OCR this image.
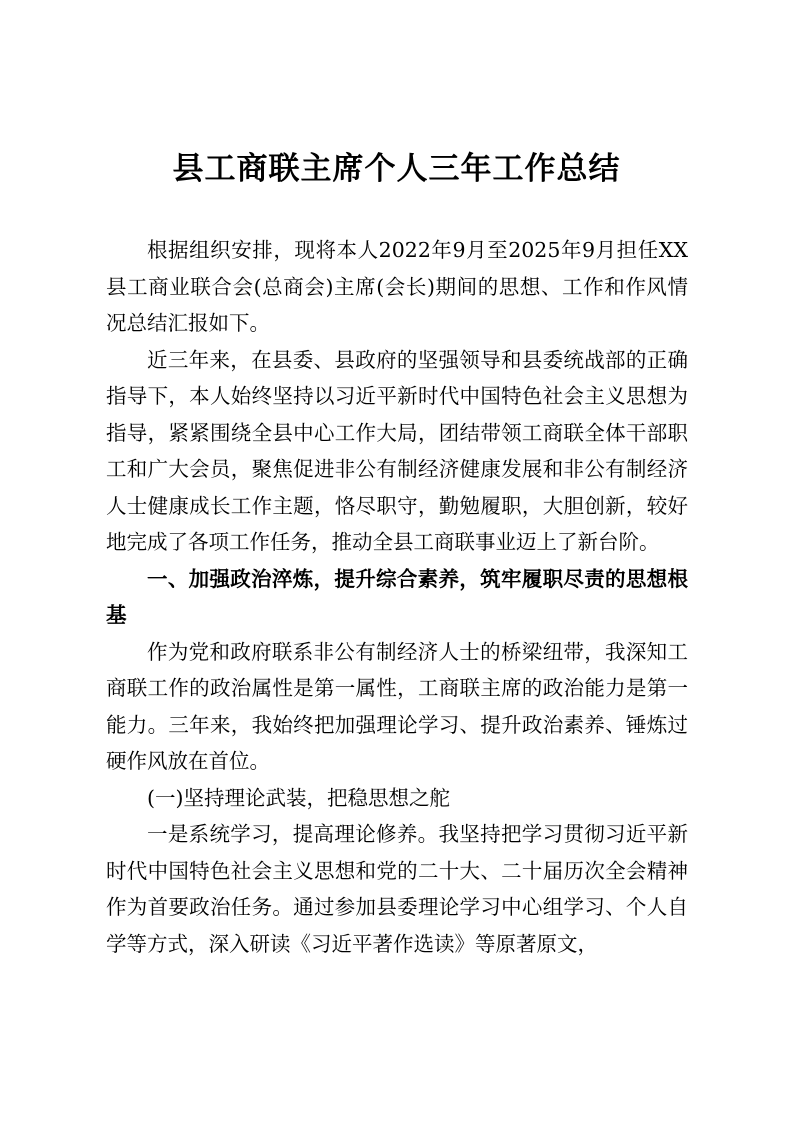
县工商联主席个人三年工作总结

根据组织安排，现将本人2022年9月至2025年9月担任XX县工商业联合会(总商会)主席(会长)期间的思想、工作和作风情况总结汇报如下。

近三年来，在县委、县政府的坚强领导和县委统战部的正确指导下，本人始终坚持以习近平新时代中国特色社会主义思想为指导，紧紧围绕全县中心工作大局，团结带领工商联全体干部职工和广大会员，聚焦促进非公有制经济健康发展和非公有制经济人士健康成长工作主题，恪尽职守，勤勉履职，大胆创新，较好地完成了各项工作任务，推动全县工商联事业迈上了新台阶。

一、加强政治淬炼，提升综合素养，筑牢履职尽责的思想根基

作为党和政府联系非公有制经济人士的桥梁纽带，我深知工商联工作的政治属性是第一属性，工商联主席的政治能力是第一能力。三年来，我始终把加强理论学习、提升政治素养、锤炼过硬作风放在首位。

(一)坚持理论武装，把稳思想之舵

一是系统学习，提高理论修养。我坚持把学习贯彻习近平新时代中国特色社会主义思想和党的二十大、二十届历次全会精神作为首要政治任务。通过参加县委理论学习中心组学习、个人自学等方式，深入研读《习近平著作选读》等原著原文，
